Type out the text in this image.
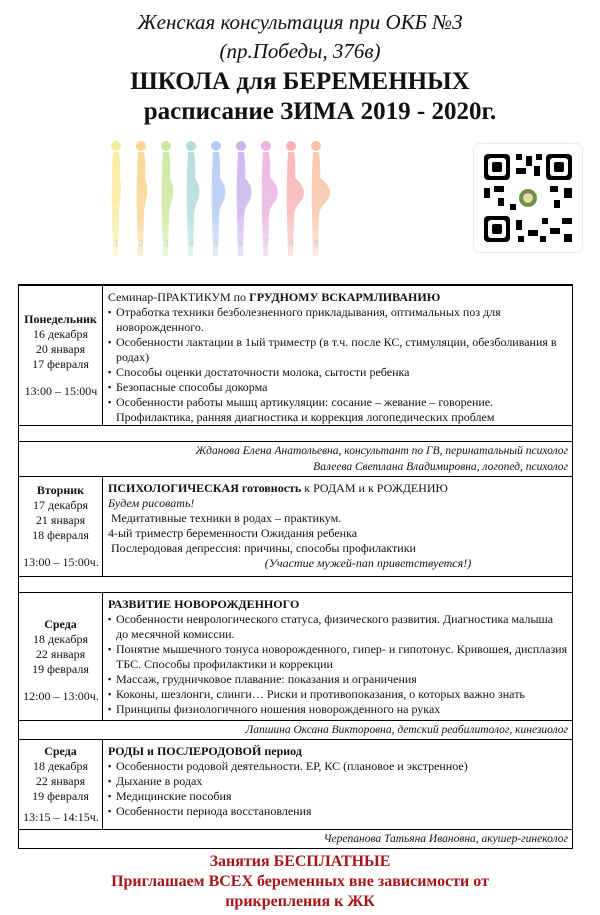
Женская консультация при ОКБ №3
(пр.Победы, 376в)
ШКОЛА для БЕРЕМЕННЫХ
расписание ЗИМА 2019 - 2020г.
Понедельник
16 декабря
20 января
17 февраля
13:00 – 15:00ч
Семинар-ПРАКТИКУМ по ГРУДНОМУ ВСКАРМЛИВАНИЮ
▪ Отработка техники безболезненного прикладывания, оптимальных поз для новорожденного.
▪ Особенности лактации в 1ый триместр (в т.ч. после КС, стимуляции, обезболивания в родах)
▪ Способы оценки достаточности молока, сытости ребенка
▪ Безопасные способы докорма
▪ Особенности работы мышц артикуляции: сосание – жевание – говорение. Профилактика, ранняя диагностика и коррекция логопедических проблем
Жданова Елена Анатольевна, консультант по ГВ, перинатальный психолог
Валеева Светлана Владимировна, логопед, психолог
Вторник
17 декабря
21 января
18 февраля
13:00 – 15:00ч.
ПСИХОЛОГИЧЕСКАЯ готовность к РОДАМ и к РОЖДЕНИЮ
Будем рисовать!
Медитативные техники в родах – практикум.
4-ый триместр беременности Ожидания ребенка
Послеродовая депрессия: причины, способы профилактики
(Участие мужей-пап приветствуется!)
Среда
18 декабря
22 января
19 февраля
12:00 – 13:00ч.
РАЗВИТИЕ НОВОРОЖДЕННОГО
▪ Особенности неврологического статуса, физического развития. Диагностика малыша до месячной комиссии.
▪ Понятие мышечного тонуса новорожденного, гипер- и гипотонус. Кривошея, дисплазия ТБС. Способы профилактики и коррекции
▪ Массаж, грудничковое плавание: показания и ограничения
▪ Коконы, шезлонги, слинги… Риски и противопоказания, о которых важно знать
▪ Принципы физиологичного ношения новорожденного на руках
Лапшина Оксана Викторовна, детский реабилитолог, кинезиолог
Среда
18 декабря
22 января
19 февраля
13:15 – 14:15ч.
РОДЫ и ПОСЛЕРОДОВОЙ период
▪ Особенности родовой деятельности. ЕР, КС (плановое и экстренное)
▪ Дыхание в родах
▪ Медицинские пособия
▪ Особенности периода восстановления
Черепанова Татьяна Ивановна, акушер-гинеколог
Занятия БЕСПЛАТНЫЕ
Приглашаем ВСЕХ беременных вне зависимости от
прикрепления к ЖК
